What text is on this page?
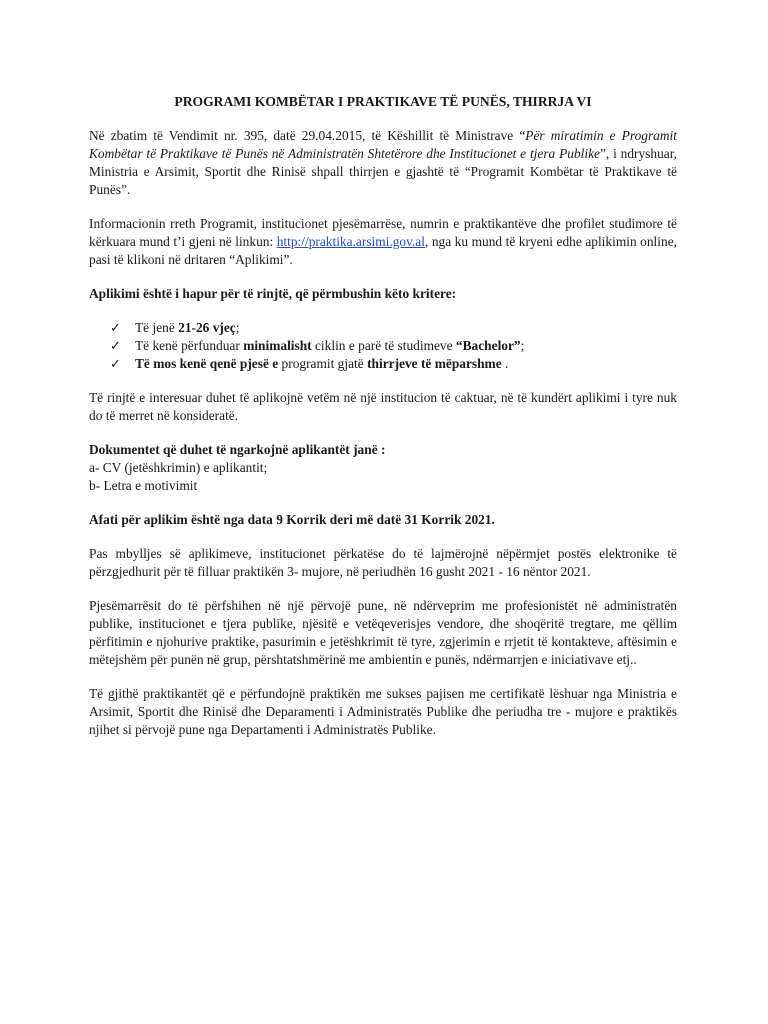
PROGRAMI KOMBËTAR I PRAKTIKAVE TË PUNËS, THIRRJA VI

Në zbatim të Vendimit nr. 395, datë 29.04.2015, të Këshillit të Ministrave “Për miratimin e Programit Kombëtar të Praktikave të Punës në Administratën Shtetërore dhe Institucionet e tjera Publike”, i ndryshuar, Ministria e Arsimit, Sportit dhe Rinisë shpall thirrjen e gjashtë të “Programit Kombëtar të Praktikave të Punës”.

Informacionin rreth Programit, institucionet pjesëmarrëse, numrin e praktikantëve dhe profilet studimore të kërkuara mund t’i gjeni në linkun: http://praktika.arsimi.gov.al, nga ku mund të kryeni edhe aplikimin online, pasi të klikoni në dritaren “Aplikimi”.

Aplikimi është i hapur për të rinjtë, që përmbushin këto kritere:

✓ Të jenë 21-26 vjeç;
✓ Të kenë përfunduar minimalisht ciklin e parë të studimeve “Bachelor”;
✓ Të mos kenë qenë pjesë e programit gjatë thirrjeve të mëparshme .

Të rinjtë e interesuar duhet të aplikojnë vetëm në një institucion të caktuar, në të kundërt aplikimi i tyre nuk do të merret në konsideratë.

Dokumentet që duhet të ngarkojnë aplikantët janë :

a- CV (jetëshkrimin) e aplikantit;

b- Letra e motivimit

Afati për aplikim është nga data 9 Korrik deri më datë 31 Korrik 2021.

Pas mbylljes së aplikimeve, institucionet përkatëse do të lajmërojnë nëpërmjet postës elektronike të përzgjedhurit për të filluar praktikën 3- mujore, në periudhën 16 gusht 2021 - 16 nëntor 2021.

Pjesëmarrësit do të përfshihen në një përvojë pune, në ndërveprim me profesionistët në administratën publike, institucionet e tjera publike, njësitë e vetëqeverisjes vendore, dhe shoqëritë tregtare, me qëllim përfitimin e njohurive praktike, pasurimin e jetëshkrimit të tyre, zgjerimin e rrjetit të kontakteve, aftësimin e mëtejshëm për punën në grup, përshtatshmërinë me ambientin e punës, ndërmarrjen e iniciativave etj..

Të gjithë praktikantët që e përfundojnë praktikën me sukses pajisen me certifikatë lëshuar nga Ministria e Arsimit, Sportit dhe Rinisë dhe Deparamenti i Administratës Publike dhe periudha tre - mujore e praktikës njihet si përvojë pune nga Departamenti i Administratës Publike.
